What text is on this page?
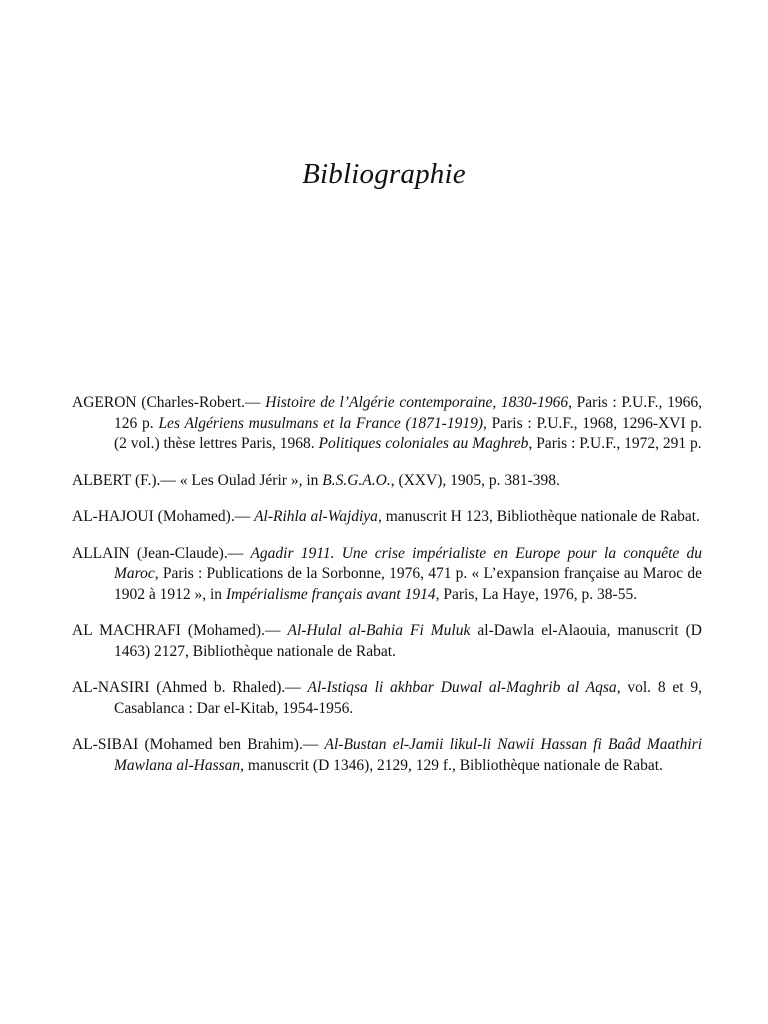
Bibliographie
AGERON (Charles-Robert.— Histoire de l’Algérie contemporaine, 1830-1966, Paris : P.U.F., 1966, 126 p. Les Algériens musulmans et la France (1871-1919), Paris : P.U.F., 1968, 1296-XVI p. (2 vol.) thèse lettres Paris, 1968. Politiques coloniales au Maghreb, Paris : P.U.F., 1972, 291 p.
ALBERT (F.).— « Les Oulad Jérir », in B.S.G.A.O., (XXV), 1905, p. 381-398.
AL-HAJOUI (Mohamed).— Al-Rihla al-Wajdiya, manuscrit H 123, Bibliothèque nationale de Rabat.
ALLAIN (Jean-Claude).— Agadir 1911. Une crise impérialiste en Europe pour la conquête du Maroc, Paris : Publications de la Sorbonne, 1976, 471 p. « L’expansion française au Maroc de 1902 à 1912 », in Impérialisme français avant 1914, Paris, La Haye, 1976, p. 38-55.
AL MACHRAFI (Mohamed).— Al-Hulal al-Bahia Fi Muluk al-Dawla el-Alaouia, manuscrit (D 1463) 2127, Bibliothèque nationale de Rabat.
AL-NASIRI (Ahmed b. Rhaled).— Al-Istiqsa li akhbar Duwal al-Maghrib al Aqsa, vol. 8 et 9, Casablanca : Dar el-Kitab, 1954-1956.
AL-SIBAI (Mohamed ben Brahim).— Al-Bustan el-Jamii likul-li Nawii Hassan fi Baâd Maathiri Mawlana al-Hassan, manuscrit (D 1346), 2129, 129 f., Bibliothèque nationale de Rabat.
